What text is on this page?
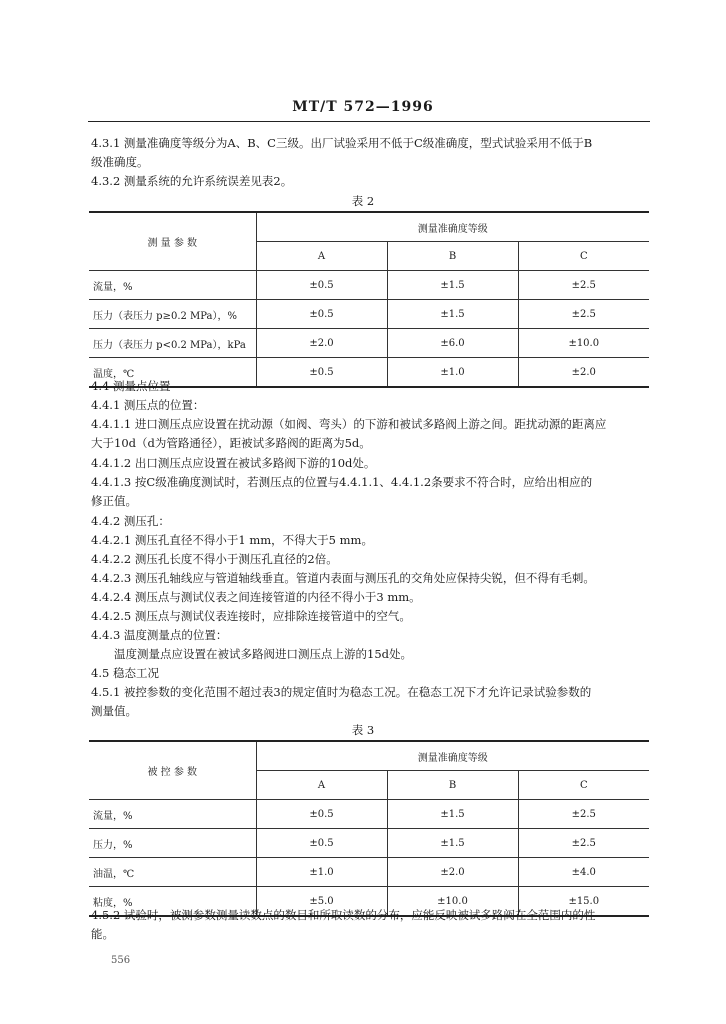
MT/T 572—1996
4.3.1 测量准确度等级分为A、B、C三级。出厂试验采用不低于C级准确度，型式试验采用不低于B
级准确度。
4.3.2 测量系统的允许系统误差见表2。
表 2
测 量 参 数	测量准确度等级		
	A	B	C
流量，%	±0.5	±1.5	±2.5
压力（表压力 p≥0.2 MPa），%	±0.5	±1.5	±2.5
压力（表压力 p<0.2 MPa），kPa	±2.0	±6.0	±10.0
温度，℃	±0.5	±1.0	±2.0
4.4 测量点位置
4.4.1 测压点的位置：
4.4.1.1 进口测压点应设置在扰动源（如阀、弯头）的下游和被试多路阀上游之间。距扰动源的距离应
大于10d（d为管路通径），距被试多路阀的距离为5d。
4.4.1.2 出口测压点应设置在被试多路阀下游的10d处。
4.4.1.3 按C级准确度测试时，若测压点的位置与4.4.1.1、4.4.1.2条要求不符合时，应给出相应的
修正值。
4.4.2 测压孔：
4.4.2.1 测压孔直径不得小于1 mm，不得大于5 mm。
4.4.2.2 测压孔长度不得小于测压孔直径的2倍。
4.4.2.3 测压孔轴线应与管道轴线垂直。管道内表面与测压孔的交角处应保持尖锐，但不得有毛刺。
4.4.2.4 测压点与测试仪表之间连接管道的内径不得小于3 mm。
4.4.2.5 测压点与测试仪表连接时，应排除连接管道中的空气。
4.4.3 温度测量点的位置：
温度测量点应设置在被试多路阀进口测压点上游的15d处。
4.5 稳态工况
4.5.1 被控参数的变化范围不超过表3的规定值时为稳态工况。在稳态工况下才允许记录试验参数的
测量值。
表 3
被 控 参 数	测量准确度等级		
	A	B	C
流量，%	±0.5	±1.5	±2.5
压力，%	±0.5	±1.5	±2.5
油温，℃	±1.0	±2.0	±4.0
粘度，%	±5.0	±10.0	±15.0
4.5.2 试验时，被测参数测量读数点的数目和所取读数的分布，应能反映被试多路阀在全范围内的性
能。
556
